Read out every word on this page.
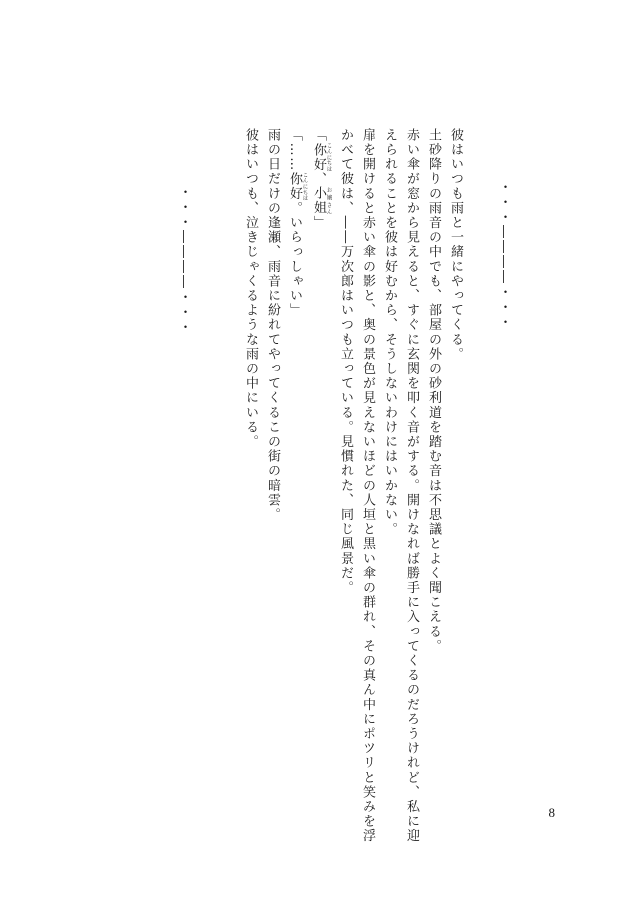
・・・――――・・・
彼はいつも雨と一緒にやってくる。
土砂降りの雨音の中でも、部屋の外の砂利道を踏む音は不思議とよく聞こえる。
赤い傘が窓から見えると、すぐに玄関を叩く音がする。開けなれば勝手に入ってくるのだろうけれど、私に迎
えられることを彼は好むから、そうしないわけにはいかない。
扉を開けると赤い傘の影と、奥の景色が見えないほどの人垣と黒い傘の群れ、その真ん中にポツリと笑みを浮
かべて彼は、――万次郎はいつも立っている。見慣れた、同じ風景だ。
「你好 こんにちは、小姐 お嬢さん」
「……你好 こんにちは。いらっしゃい」
雨の日だけの逢瀬、雨音に紛れてやってくるこの街の暗雲。
彼はいつも、泣きじゃくるような雨の中にいる。
・・・――――・・・
8
